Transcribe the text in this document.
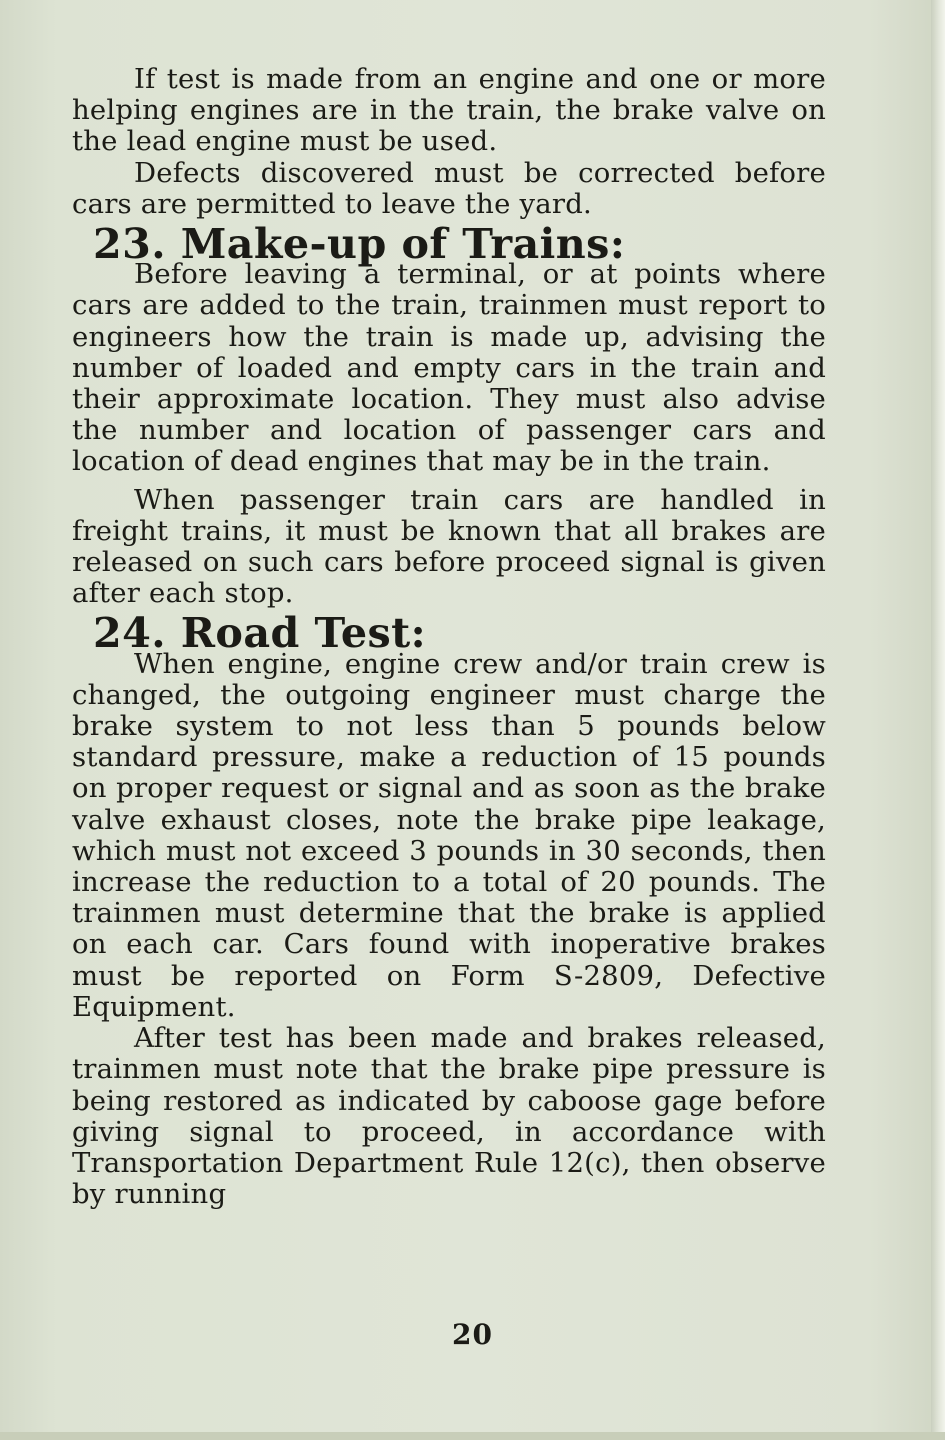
If test is made from an engine and one or more helping engines are in the train, the brake valve on the lead engine must be used.

Defects discovered must be corrected before cars are permitted to leave the yard.

23. Make-up of Trains:

Before leaving a terminal, or at points where cars are added to the train, trainmen must report to engineers how the train is made up, advising the number of loaded and empty cars in the train and their approximate location. They must also advise the number and location of passenger cars and location of dead engines that may be in the train.

When passenger train cars are handled in freight trains, it must be known that all brakes are released on such cars before proceed signal is given after each stop.

24. Road Test:

When engine, engine crew and/or train crew is changed, the outgoing engineer must charge the brake system to not less than 5 pounds below standard pressure, make a reduction of 15 pounds on proper request or signal and as soon as the brake valve exhaust closes, note the brake pipe leakage, which must not exceed 3 pounds in 30 seconds, then increase the reduction to a total of 20 pounds. The trainmen must determine that the brake is applied on each car. Cars found with inoperative brakes must be reported on Form S-2809, Defective Equipment.

After test has been made and brakes released, trainmen must note that the brake pipe pressure is being restored as indicated by caboose gage before giving signal to proceed, in accordance with Transportation Department Rule 12(c), then observe by running

20
